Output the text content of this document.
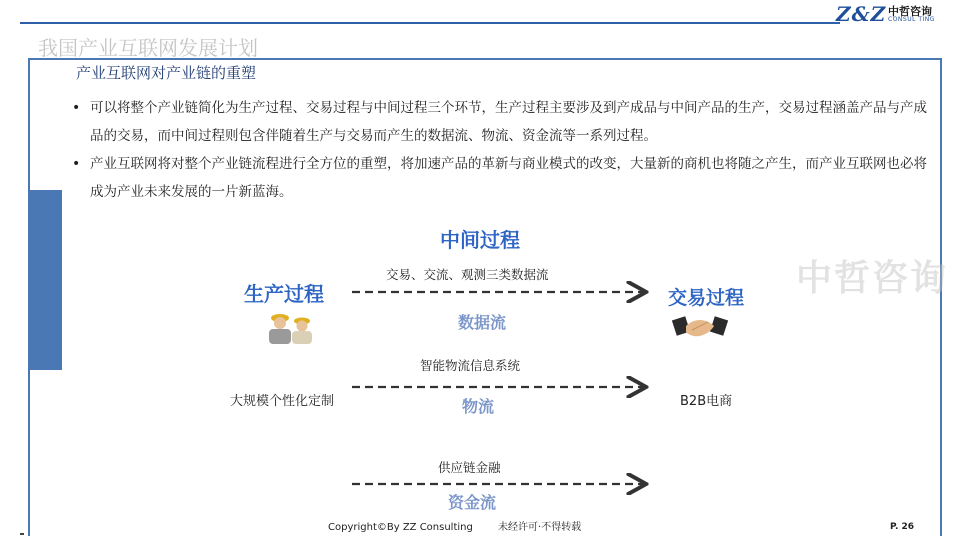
Z&Z 中哲咨询
CONSUL TING
我国产业互联网发展计划
产业互联网对产业链的重塑
• 可以将整个产业链简化为生产过程、交易过程与中间过程三个环节，生产过程主要涉及到产成品与中间产品的生产，交易过程涵盖产品与产成品的交易，而中间过程则包含伴随着生产与交易而产生的数据流、物流、资金流等一系列过程。
• 产业互联网将对整个产业链流程进行全方位的重塑，将加速产品的革新与商业模式的改变，大量新的商机也将随之产生，而产业互联网也必将成为产业未来发展的一片新蓝海。
中间过程
生产过程	交易过程
交易、交流、观测三类数据流
数据流
智能物流信息系统
物流
供应链金融
资金流
大规模个性化定制	B2B电商
中哲咨询
Copyright©By ZZ Consulting	未经许可·不得转载	P. 26
